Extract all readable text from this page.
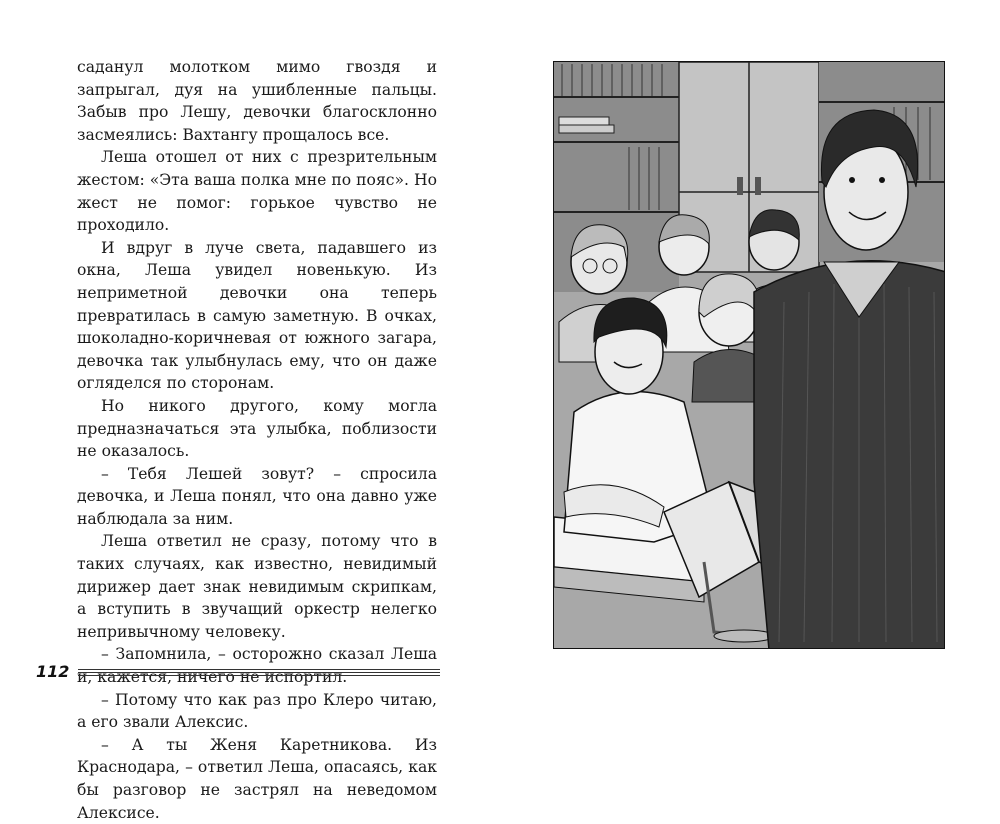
саданул молотком мимо гвоздя и запрыгал, дуя на ушибленные пальцы. Забыв про Лешу, девочки благосклонно засмеялись: Вахтангу прощалось все.

Леша отошел от них с презрительным жестом: «Эта ваша полка мне по пояс». Но жест не помог: горькое чувство не проходило.

И вдруг в луче света, падавшего из окна, Леша увидел новенькую. Из неприметной девочки она теперь превратилась в самую заметную. В очках, шоколадно-коричневая от южного загара, девочка так улыбнулась ему, что он даже огляделся по сторонам.

Но никого другого, кому могла предназначаться эта улыбка, поблизости не оказалось.

– Тебя Лешей зовут? – спросила девочка, и Леша понял, что она давно уже наблюдала за ним.

Леша ответил не сразу, потому что в таких случаях, как известно, невидимый дирижер дает знак невидимым скрипкам, а вступить в звучащий оркестр нелегко непривычному человеку.

– Запомнила, – осторожно сказал Леша и, кажется, ничего не испортил.

– Потому что как раз про Клеро читаю, а его звали Алексис.

– А ты Женя Каретникова. Из Краснодара, – ответил Леша, опасаясь, как бы разговор не застрял на неведомом Алексисе.

112
